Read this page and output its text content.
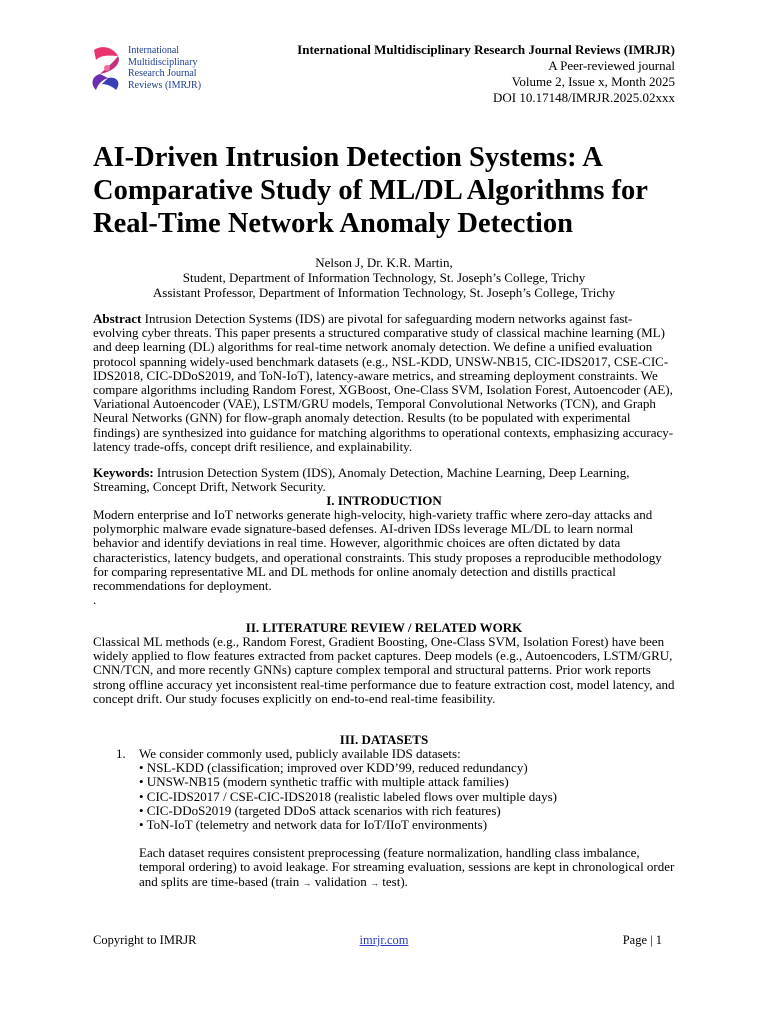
International
Multidisciplinary
Research Journal
Reviews (IMRJR)
International Multidisciplinary Research Journal Reviews (IMRJR)
A Peer-reviewed journal
Volume 2, Issue x, Month 2025
DOI 10.17148/IMRJR.2025.02xxx
AI-Driven Intrusion Detection Systems: A Comparative Study of ML/DL Algorithms for Real-Time Network Anomaly Detection
Nelson J, Dr. K.R. Martin,
Student, Department of Information Technology, St. Joseph’s College, Trichy
Assistant Professor, Department of Information Technology, St. Joseph’s College, Trichy
Abstract Intrusion Detection Systems (IDS) are pivotal for safeguarding modern networks against fast-evolving cyber threats. This paper presents a structured comparative study of classical machine learning (ML) and deep learning (DL) algorithms for real-time network anomaly detection. We define a unified evaluation protocol spanning widely-used benchmark datasets (e.g., NSL-KDD, UNSW-NB15, CIC-IDS2017, CSE-CIC-IDS2018, CIC-DDoS2019, and ToN-IoT), latency-aware metrics, and streaming deployment constraints. We compare algorithms including Random Forest, XGBoost, One-Class SVM, Isolation Forest, Autoencoder (AE), Variational Autoencoder (VAE), LSTM/GRU models, Temporal Convolutional Networks (TCN), and Graph Neural Networks (GNN) for flow-graph anomaly detection. Results (to be populated with experimental findings) are synthesized into guidance for matching algorithms to operational contexts, emphasizing accuracy-latency trade-offs, concept drift resilience, and explainability.
Keywords: Intrusion Detection System (IDS), Anomaly Detection, Machine Learning, Deep Learning, Streaming, Concept Drift, Network Security.
I. INTRODUCTION
Modern enterprise and IoT networks generate high-velocity, high-variety traffic where zero-day attacks and polymorphic malware evade signature-based defenses. AI-driven IDSs leverage ML/DL to learn normal behavior and identify deviations in real time. However, algorithmic choices are often dictated by data characteristics, latency budgets, and operational constraints. This study proposes a reproducible methodology for comparing representative ML and DL methods for online anomaly detection and distills practical recommendations for deployment.
.
II. LITERATURE REVIEW / RELATED WORK
Classical ML methods (e.g., Random Forest, Gradient Boosting, One-Class SVM, Isolation Forest) have been widely applied to flow features extracted from packet captures. Deep models (e.g., Autoencoders, LSTM/GRU, CNN/TCN, and more recently GNNs) capture complex temporal and structural patterns. Prior work reports strong offline accuracy yet inconsistent real-time performance due to feature extraction cost, model latency, and concept drift. Our study focuses explicitly on end-to-end real-time feasibility.
III. DATASETS
1. We consider commonly used, publicly available IDS datasets:
• NSL-KDD (classification; improved over KDD’99, reduced redundancy)
• UNSW-NB15 (modern synthetic traffic with multiple attack families)
• CIC-IDS2017 / CSE-CIC-IDS2018 (realistic labeled flows over multiple days)
• CIC-DDoS2019 (targeted DDoS attack scenarios with rich features)
• ToN-IoT (telemetry and network data for IoT/IIoT environments)
Each dataset requires consistent preprocessing (feature normalization, handling class imbalance, temporal ordering) to avoid leakage. For streaming evaluation, sessions are kept in chronological order and splits are time-based (train → validation → test).
Copyright to IMRJR	imrjr.com	Page | 1
